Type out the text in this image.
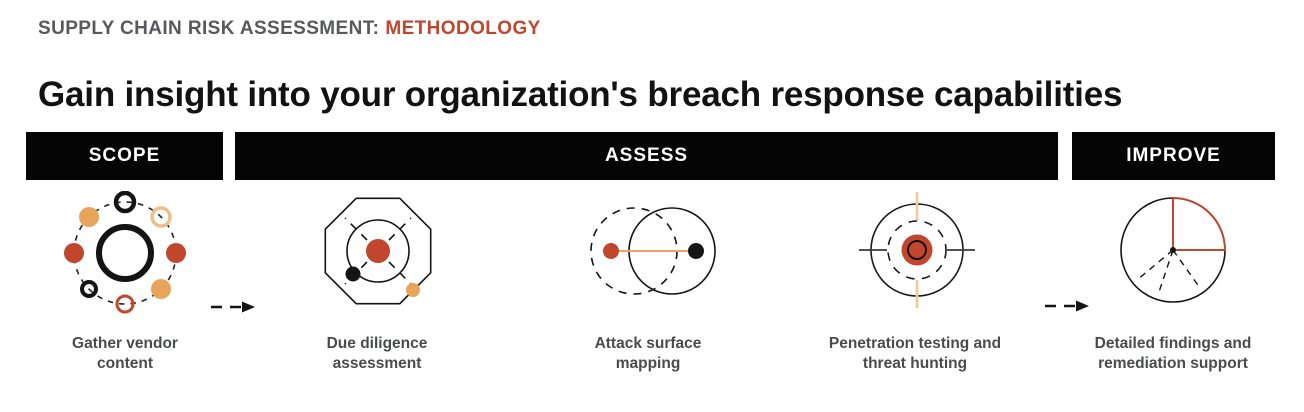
SUPPLY CHAIN RISK ASSESSMENT: METHODOLOGY
Gain insight into your organization's breach response capabilities
SCOPE	ASSESS	IMPROVE
Gather vendor content
Due diligence assessment
Attack surface mapping
Penetration testing and threat hunting
Detailed findings and remediation support
